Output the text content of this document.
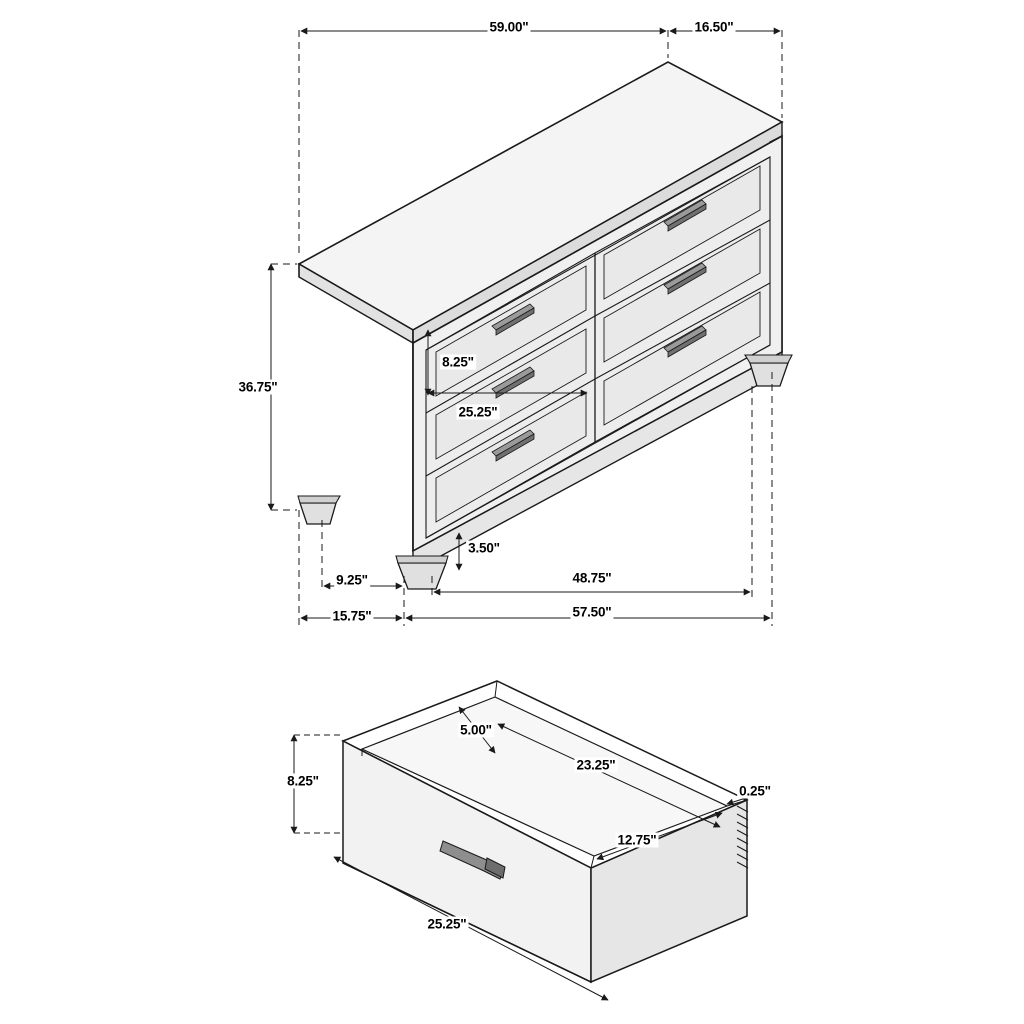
59.00"	16.50"
36.75"
8.25"
25.25"
3.50"
9.25"
15.75"
48.75"
57.50"
5.00"
23.25"
8.25"
0.25"
12.75"
25.25"
